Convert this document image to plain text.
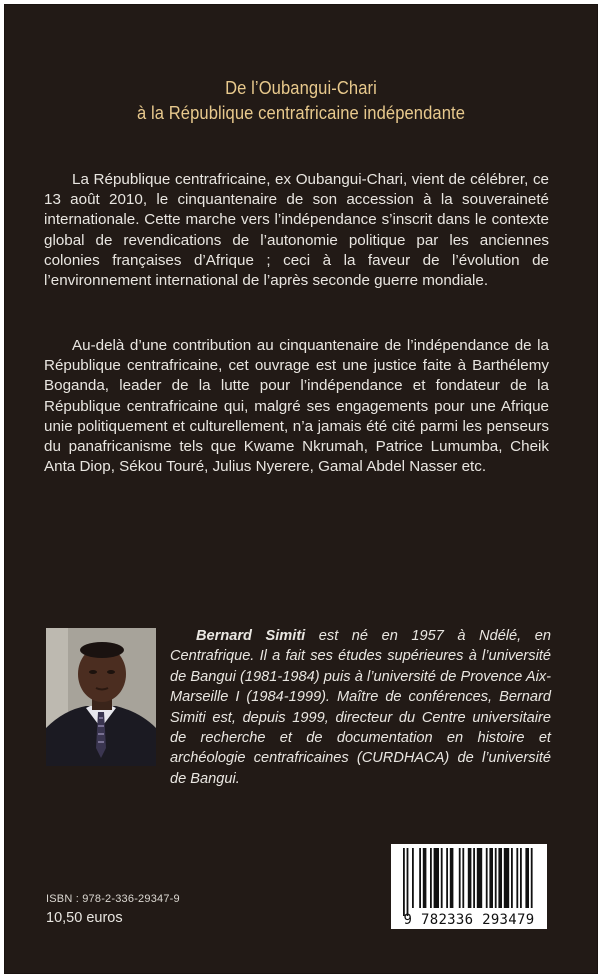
De l’Oubangui-Chari
à la République centrafricaine indépendante

La République centrafricaine, ex Oubangui-Chari, vient de célébrer, ce 13 août 2010, le cinquantenaire de son accession à la souveraineté internationale. Cette marche vers l’indépendance s’inscrit dans le contexte global de revendications de l’autonomie politique par les anciennes colonies françaises d’Afrique ; ceci à la faveur de l’évolution de l’environnement international de l’après seconde guerre mondiale.

Au-delà d’une contribution au cinquantenaire de l’indépendance de la République centrafricaine, cet ouvrage est une justice faite à Barthélemy Boganda, leader de la lutte pour l’indépendance et fondateur de la République centrafricaine qui, malgré ses engagements pour une Afrique unie politiquement et culturellement, n’a jamais été cité parmi les penseurs du panafricanisme tels que Kwame Nkrumah, Patrice Lumumba, Cheik Anta Diop, Sékou Touré, Julius Nyerere, Gamal Abdel Nasser etc.

Bernard Simiti est né en 1957 à Ndélé, en Centrafrique. Il a fait ses études supérieures à l’université de Bangui (1981-1984) puis à l’université de Provence Aix-Marseille I (1984-1999). Maître de conférences, Bernard Simiti est, depuis 1999, directeur du Centre universitaire de recherche et de documentation en histoire et archéologie centrafricaines (CURDHACA) de l’université de Bangui.

ISBN : 978-2-336-29347-9
10,50 euros	9 782336 293479
